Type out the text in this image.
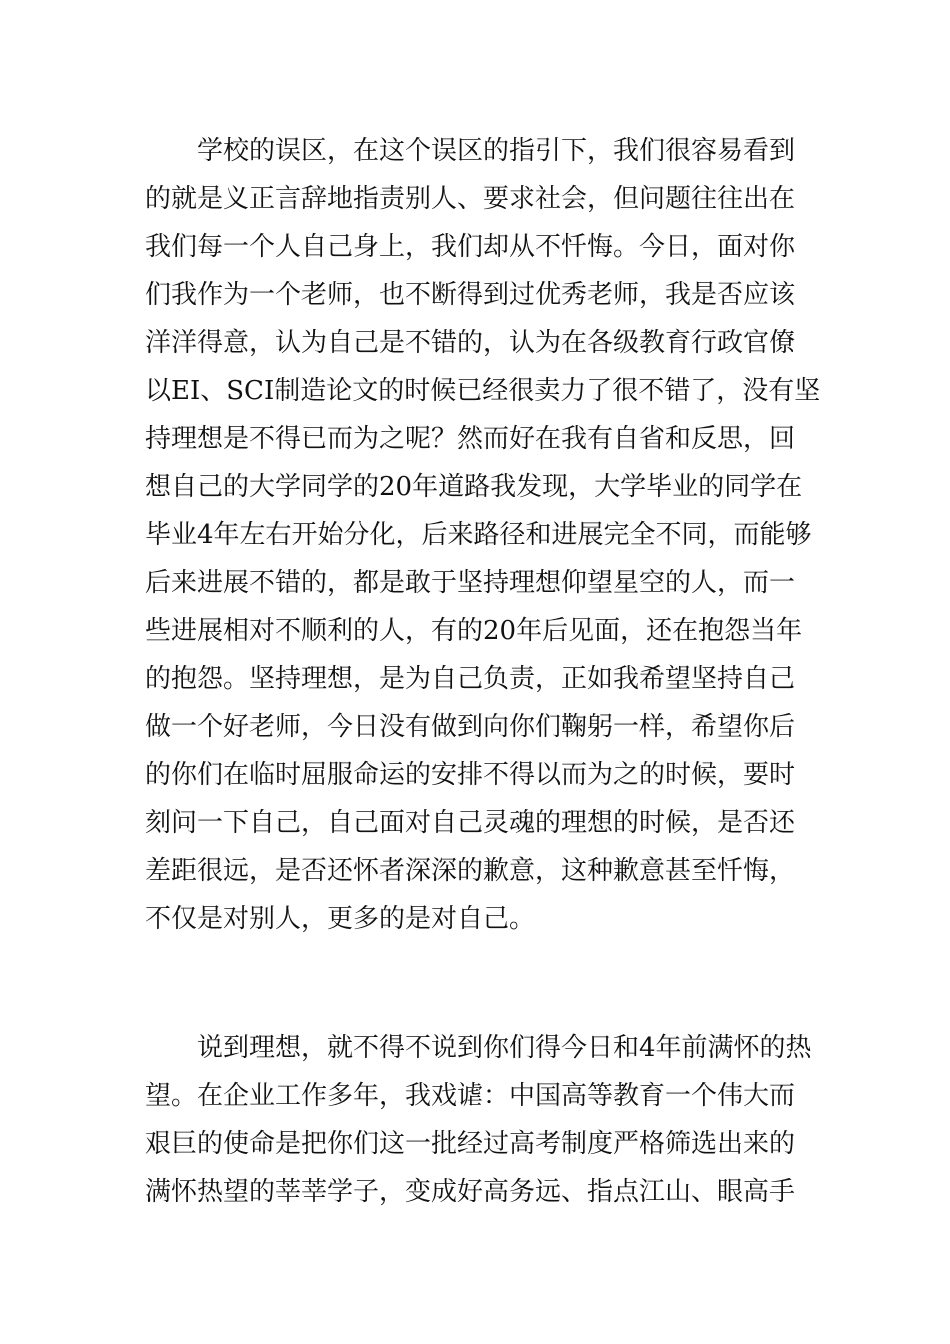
学校的误区，在这个误区的指引下，我们很容易看到
的就是义正言辞地指责别人、要求社会，但问题往往出在
我们每一个人自己身上，我们却从不忏悔。今日，面对你
们我作为一个老师，也不断得到过优秀老师，我是否应该
洋洋得意，认为自己是不错的，认为在各级教育行政官僚
以EI、SCI制造论文的时候已经很卖力了很不错了，没有坚
持理想是不得已而为之呢？然而好在我有自省和反思，回
想自己的大学同学的20年道路我发现，大学毕业的同学在
毕业4年左右开始分化，后来路径和进展完全不同，而能够
后来进展不错的，都是敢于坚持理想仰望星空的人，而一
些进展相对不顺利的人，有的20年后见面，还在抱怨当年
的抱怨。坚持理想，是为自己负责，正如我希望坚持自己
做一个好老师，今日没有做到向你们鞠躬一样，希望你后
的你们在临时屈服命运的安排不得以而为之的时候，要时
刻问一下自己，自己面对自己灵魂的理想的时候，是否还
差距很远，是否还怀者深深的歉意，这种歉意甚至忏悔，
不仅是对别人，更多的是对自己。
说到理想，就不得不说到你们得今日和4年前满怀的热
望。在企业工作多年，我戏谑：中国高等教育一个伟大而
艰巨的使命是把你们这一批经过高考制度严格筛选出来的
满怀热望的莘莘学子，变成好高务远、指点江山、眼高手
